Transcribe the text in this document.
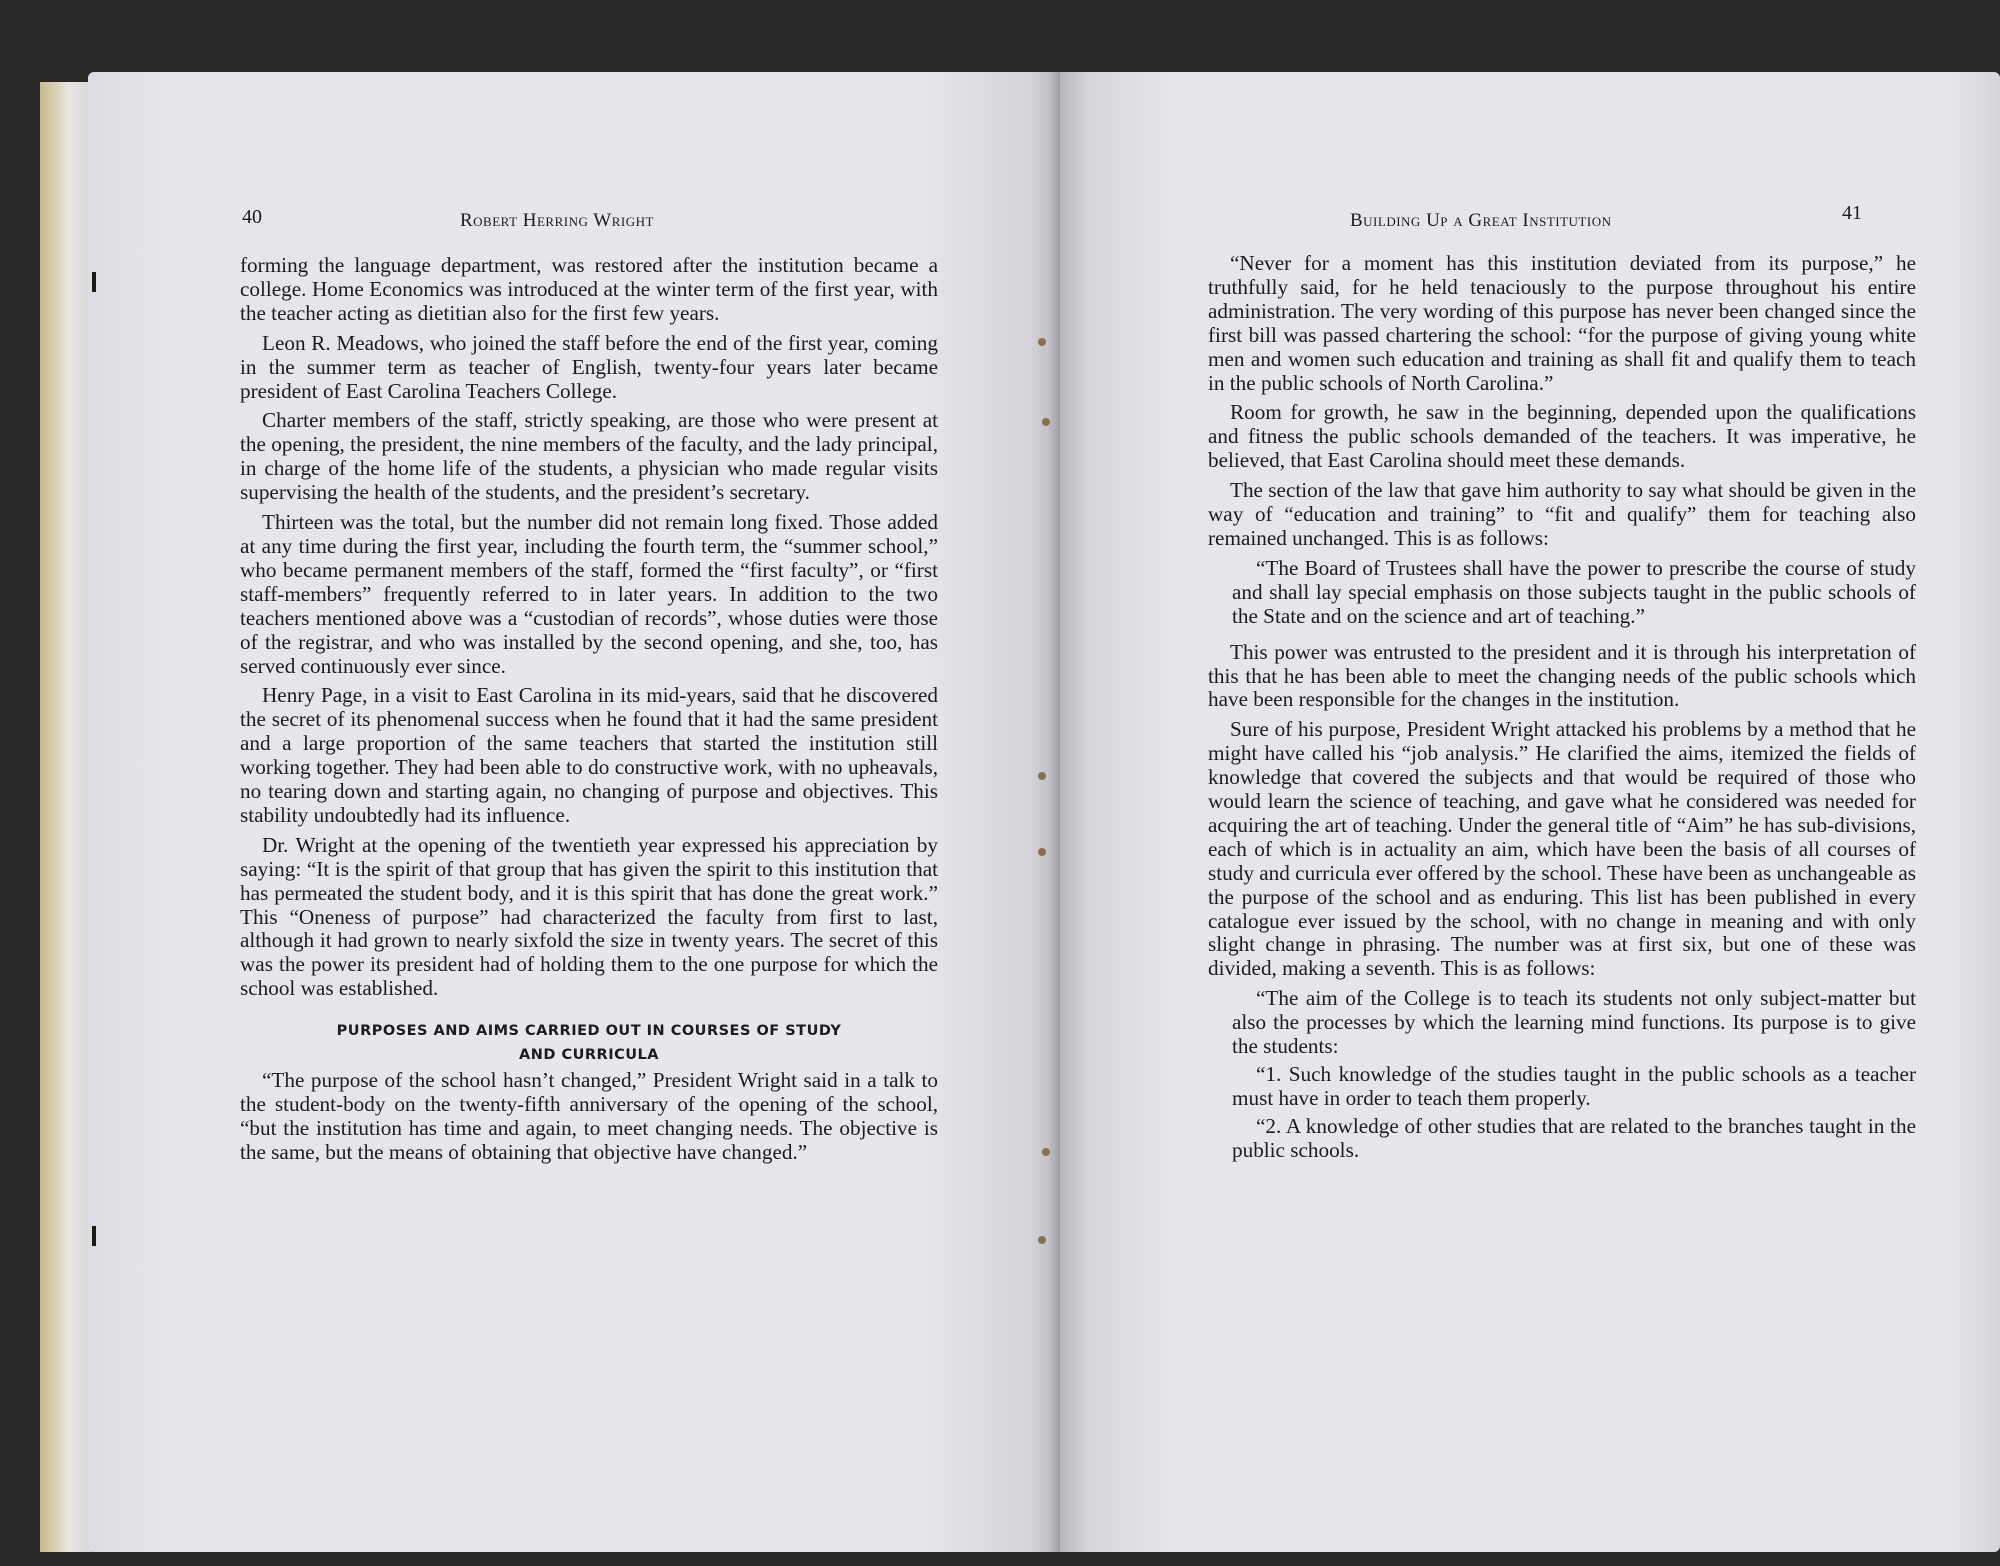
40	Robert Herring Wright

forming the language department, was restored after the institution became a college. Home Economics was introduced at the winter term of the first year, with the teacher acting as dietitian also for the first few years.

Leon R. Meadows, who joined the staff before the end of the first year, coming in the summer term as teacher of English, twenty-four years later became president of East Carolina Teachers College.

Charter members of the staff, strictly speaking, are those who were present at the opening, the president, the nine members of the faculty, and the lady principal, in charge of the home life of the students, a physician who made regular visits supervising the health of the students, and the president’s secretary.

Thirteen was the total, but the number did not remain long fixed. Those added at any time during the first year, including the fourth term, the “summer school,” who became permanent members of the staff, formed the “first faculty”, or “first staff-members” frequently referred to in later years. In addition to the two teachers mentioned above was a “custodian of records”, whose duties were those of the registrar, and who was installed by the second opening, and she, too, has served continuously ever since.

Henry Page, in a visit to East Carolina in its mid-years, said that he discovered the secret of its phenomenal success when he found that it had the same president and a large proportion of the same teachers that started the institution still working together. They had been able to do constructive work, with no upheavals, no tearing down and starting again, no changing of purpose and objectives. This stability undoubtedly had its influence.

Dr. Wright at the opening of the twentieth year expressed his appreciation by saying: “It is the spirit of that group that has given the spirit to this institution that has permeated the student body, and it is this spirit that has done the great work.” This “Oneness of purpose” had characterized the faculty from first to last, although it had grown to nearly sixfold the size in twenty years. The secret of this was the power its president had of holding them to the one purpose for which the school was established.

PURPOSES AND AIMS CARRIED OUT IN COURSES OF STUDY
AND CURRICULA

“The purpose of the school hasn’t changed,” President Wright said in a talk to the student-body on the twenty-fifth anniversary of the opening of the school, “but the institution has time and again, to meet changing needs. The objective is the same, but the means of obtaining that objective have changed.”

Building Up a Great Institution	41

“Never for a moment has this institution deviated from its purpose,” he truthfully said, for he held tenaciously to the purpose throughout his entire administration. The very wording of this purpose has never been changed since the first bill was passed chartering the school: “for the purpose of giving young white men and women such education and training as shall fit and qualify them to teach in the public schools of North Carolina.”

Room for growth, he saw in the beginning, depended upon the qualifications and fitness the public schools demanded of the teachers. It was imperative, he believed, that East Carolina should meet these demands.

The section of the law that gave him authority to say what should be given in the way of “education and training” to “fit and qualify” them for teaching also remained unchanged. This is as follows:

“The Board of Trustees shall have the power to prescribe the course of study and shall lay special emphasis on those subjects taught in the public schools of the State and on the science and art of teaching.”

This power was entrusted to the president and it is through his interpretation of this that he has been able to meet the changing needs of the public schools which have been responsible for the changes in the institution.

Sure of his purpose, President Wright attacked his problems by a method that he might have called his “job analysis.” He clarified the aims, itemized the fields of knowledge that covered the subjects and that would be required of those who would learn the science of teaching, and gave what he considered was needed for acquiring the art of teaching. Under the general title of “Aim” he has sub-divisions, each of which is in actuality an aim, which have been the basis of all courses of study and curricula ever offered by the school. These have been as unchangeable as the purpose of the school and as enduring. This list has been published in every catalogue ever issued by the school, with no change in meaning and with only slight change in phrasing. The number was at first six, but one of these was divided, making a seventh. This is as follows:

“The aim of the College is to teach its students not only subject-matter but also the processes by which the learning mind functions. Its purpose is to give the students:

“1. Such knowledge of the studies taught in the public schools as a teacher must have in order to teach them properly.

“2. A knowledge of other studies that are related to the branches taught in the public schools.
